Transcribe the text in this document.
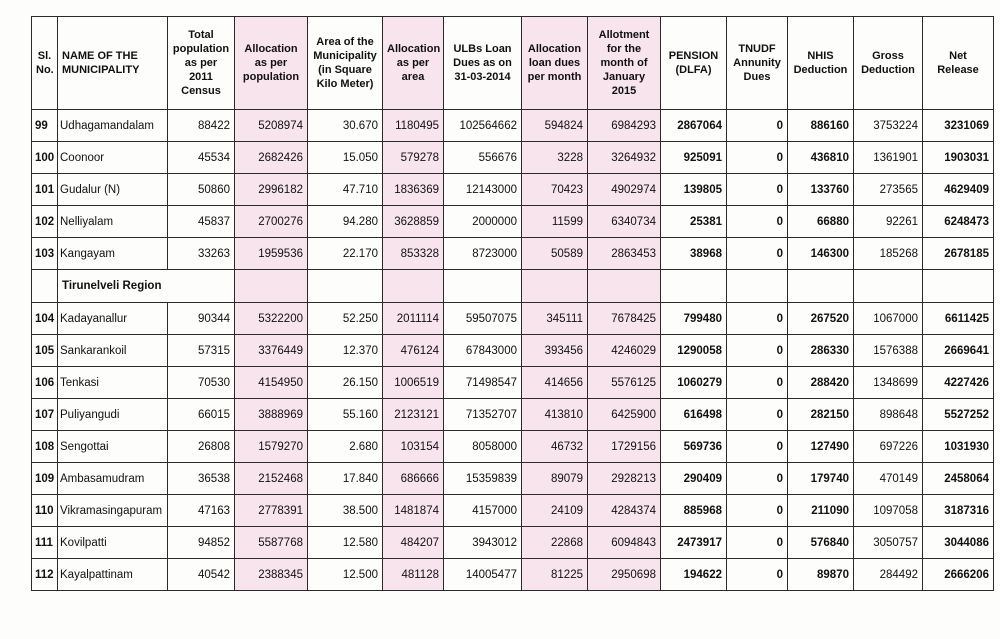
Sl. No.	NAME OF THE MUNICIPALITY	Total population as per 2011 Census	Allocation as per population	Area of the Municipality (in Square Kilo Meter)	Allocation as per area	ULBs Loan Dues as on 31-03-2014	Allocation loan dues per month	Allotment for the month of January 2015	PENSION (DLFA)	TNUDF Annunity Dues	NHIS Deduction	Gross Deduction	Net Release
99	Udhagamandalam	88422	5208974	30.670	1180495	102564662	594824	6984293	2867064	0	886160	3753224	3231069
100	Coonoor	45534	2682426	15.050	579278	556676	3228	3264932	925091	0	436810	1361901	1903031
101	Gudalur (N)	50860	2996182	47.710	1836369	12143000	70423	4902974	139805	0	133760	273565	4629409
102	Nelliyalam	45837	2700276	94.280	3628859	2000000	11599	6340734	25381	0	66880	92261	6248473
103	Kangayam	33263	1959536	22.170	853328	8723000	50589	2863453	38968	0	146300	185268	2678185
	Tirunelveli Region												
104	Kadayanallur	90344	5322200	52.250	2011114	59507075	345111	7678425	799480	0	267520	1067000	6611425
105	Sankarankoil	57315	3376449	12.370	476124	67843000	393456	4246029	1290058	0	286330	1576388	2669641
106	Tenkasi	70530	4154950	26.150	1006519	71498547	414656	5576125	1060279	0	288420	1348699	4227426
107	Puliyangudi	66015	3888969	55.160	2123121	71352707	413810	6425900	616498	0	282150	898648	5527252
108	Sengottai	26808	1579270	2.680	103154	8058000	46732	1729156	569736	0	127490	697226	1031930
109	Ambasamudram	36538	2152468	17.840	686666	15359839	89079	2928213	290409	0	179740	470149	2458064
110	Vikramasingapuram	47163	2778391	38.500	1481874	4157000	24109	4284374	885968	0	211090	1097058	3187316
111	Kovilpatti	94852	5587768	12.580	484207	3943012	22868	6094843	2473917	0	576840	3050757	3044086
112	Kayalpattinam	40542	2388345	12.500	481128	14005477	81225	2950698	194622	0	89870	284492	2666206
